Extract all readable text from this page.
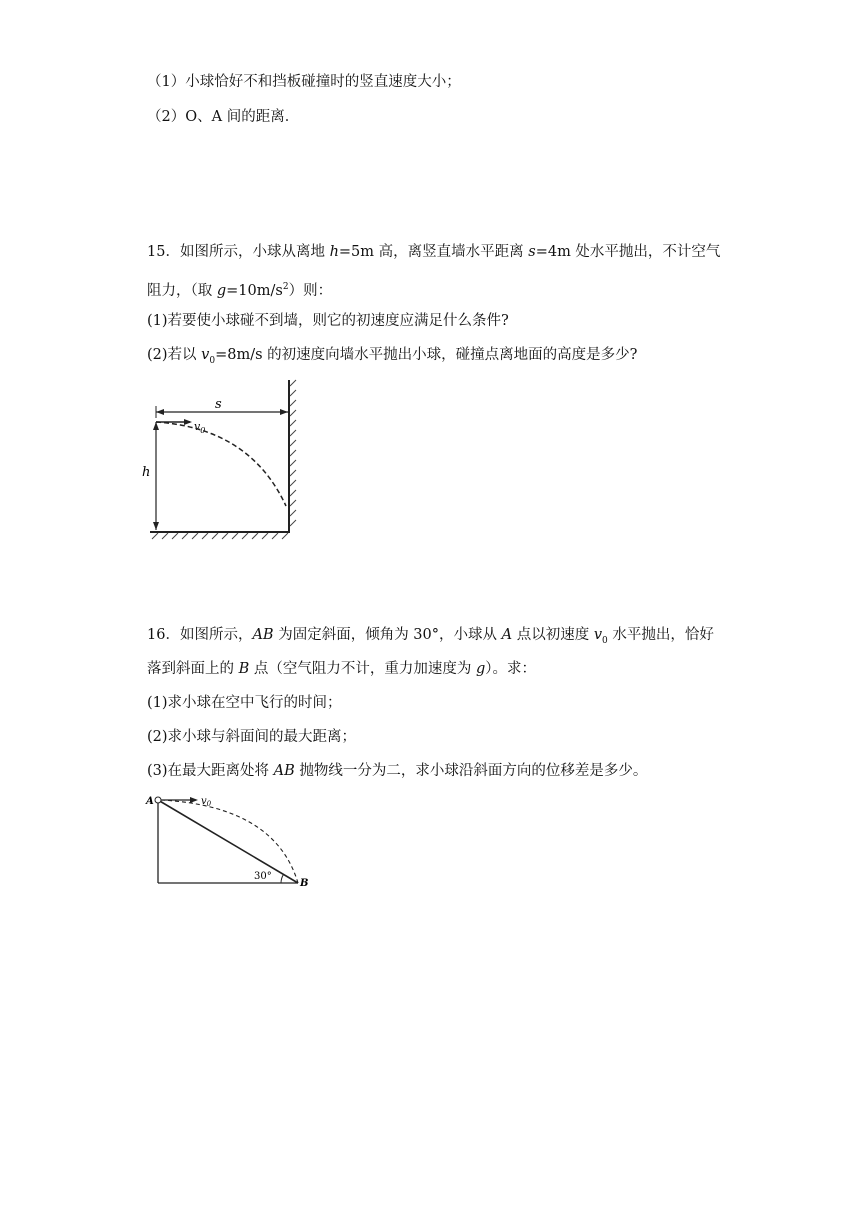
（1）小球恰好不和挡板碰撞时的竖直速度大小；
（2）O、A 间的距离．
15．如图所示，小球从离地 h=5m 高，离竖直墙水平距离 s=4m 处水平抛出，不计空气
阻力，（取 $g=10m/s^2$）则：
(1)若要使小球碰不到墙，则它的初速度应满足什么条件?
(2)若以 $v_0=8m/s$ 的初速度向墙水平抛出小球，碰撞点离地面的高度是多少?
s
h
$v_0$
16．如图所示，AB 为固定斜面，倾角为 30°，小球从 A 点以初速度 $v_0$ 水平抛出，恰好
落到斜面上的 B 点（空气阻力不计，重力加速度为 g）。求：
(1)求小球在空中飞行的时间；
(2)求小球与斜面间的最大距离；
(3)在最大距离处将 AB 抛物线一分为二，求小球沿斜面方向的位移差是多少。
30°
$v_0$
A
B
